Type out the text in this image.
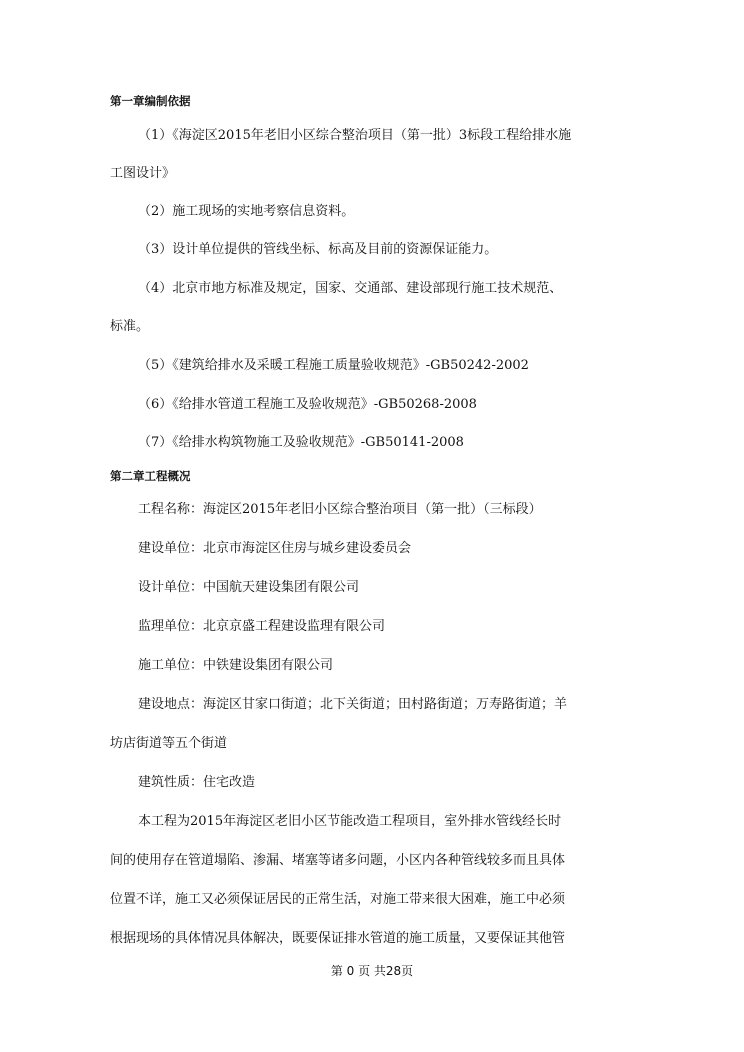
第一章编制依据
（1）《海淀区2015年老旧小区综合整治项目（第一批）3标段工程给排水施
工图设计》
（2）施工现场的实地考察信息资料。
（3）设计单位提供的管线坐标、标高及目前的资源保证能力。
（4）北京市地方标准及规定，国家、交通部、建设部现行施工技术规范、
标准。
（5）《建筑给排水及采暖工程施工质量验收规范》-GB50242-2002
（6）《给排水管道工程施工及验收规范》-GB50268-2008
（7）《给排水构筑物施工及验收规范》-GB50141-2008
第二章工程概况
工程名称：海淀区2015年老旧小区综合整治项目（第一批）（三标段）
建设单位：北京市海淀区住房与城乡建设委员会
设计单位：中国航天建设集团有限公司
监理单位：北京京盛工程建设监理有限公司
施工单位：中铁建设集团有限公司
建设地点：海淀区甘家口街道；北下关街道；田村路街道；万寿路街道；羊
坊店街道等五个街道
建筑性质：住宅改造
本工程为2015年海淀区老旧小区节能改造工程项目，室外排水管线经长时
间的使用存在管道塌陷、渗漏、堵塞等诸多问题，小区内各种管线较多而且具体
位置不详，施工又必须保证居民的正常生活，对施工带来很大困难，施工中必须
根据现场的具体情况具体解决，既要保证排水管道的施工质量，又要保证其他管
第 0 页 共28页
